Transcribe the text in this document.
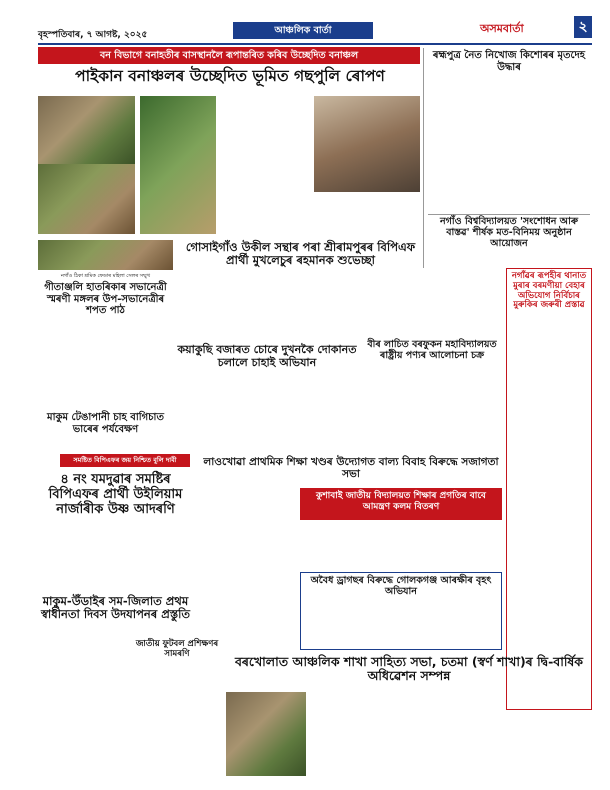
বৃহস্পতিবাৰ, ৭ আগষ্ট, ২০২৫	আঞ্চলিক বাৰ্তা	অসমবাৰ্তা	২
বন বিভাগে বনাহতীৰ বাসস্থানলৈ ৰূপান্তৰিত কৰিব উচ্ছেদিত বনাঞ্চল
পাইকান বনাঞ্চলৰ উচ্ছেদিত ভূমিত গছপুলি ৰোপণ
ৰহ্মপুত্ৰ নৈত নিখোজ কিশোৰৰ মৃতদেহ উদ্ধাৰ
নগাঁও বিশ্ববিদ্যালয়ত 'সংশোধন আৰু বাস্তৱ' শীৰ্ষক মত-বিনিময় অনুষ্ঠান আয়োজন
নগাঁও ঠিকা শ্ৰমিক ফেডাৰ মহিলা সেলৰ সম্মুখ
গীতাঞ্জলি হাতৰিকাৰ সভানেত্ৰী স্মৰণী মঙ্গলৰ উপ-সভানেত্ৰীৰ শপত পাঠ
মাকুম টেঙাপানী চাহ বাগিচাত ভাৰেৰ পৰ্যবেক্ষণ
গোসাইগাঁও উকীল সন্থাৰ পৰা শ্ৰীৰামপুৰৰ বিপিএফ প্ৰাৰ্থী মুখলেচুৰ ৰহমানক শুভেচ্ছা
কয়াকুছি বজাৰত চোৰে দুখনকৈ দোকানত চলালে চাহাই অভিযান
বীৰ লাচিত বৰফুকন মহাবিদ্যালয়ত ৰাষ্ট্ৰীয় পণ্যৰ আলোচনা চক্ৰ
নগাঁৱৰ ৰূপহীৰ থানাত মুৰাৰ বৰমণীয়া বেহাৰ অভিযোগ নিৰ্বিচাৰ মুৰুকিৰ জৰুৰী প্ৰস্তাৱ
সমষ্টিত বিপিএফৰ জয় নিশ্চিত বুলি দাবী	লাওখোৱা প্ৰাথমিক শিক্ষা খণ্ডৰ উদ্যোগত বাল্য বিবাহ বিৰুদ্ধে সজাগতা সভা
৪ নং যমদুৱাৰ সমষ্টিৰ বিপিএফৰ প্ৰাৰ্থী উইলিয়াম নাৰ্জাৰীক উষ্ণ আদৰণি
কুশাবাই জাতীয় বিদ্যালয়ত শিক্ষাৰ প্ৰগতিৰ বাবে আমন্ত্ৰণ কলম বিতৰণ
মাকুম-উঁডাইৰ সম-জিলাত প্ৰথম স্বাধীনতা দিবস উদযাপনৰ প্ৰস্তুতি
অবৈধ ড্ৰাগছৰ বিৰুদ্ধে গোলকগঞ্জ আৰক্ষীৰ বৃহৎ অভিযান
জাতীয় ফুটবল প্ৰশিক্ষণৰ সামৰণি
বৰখোলাত আঞ্চলিক শাখা সাহিত্য সভা, চতমা (স্বৰ্ণ শাখা)ৰ দ্বি-বাৰ্ষিক অধিৱেশন সম্পন্ন
